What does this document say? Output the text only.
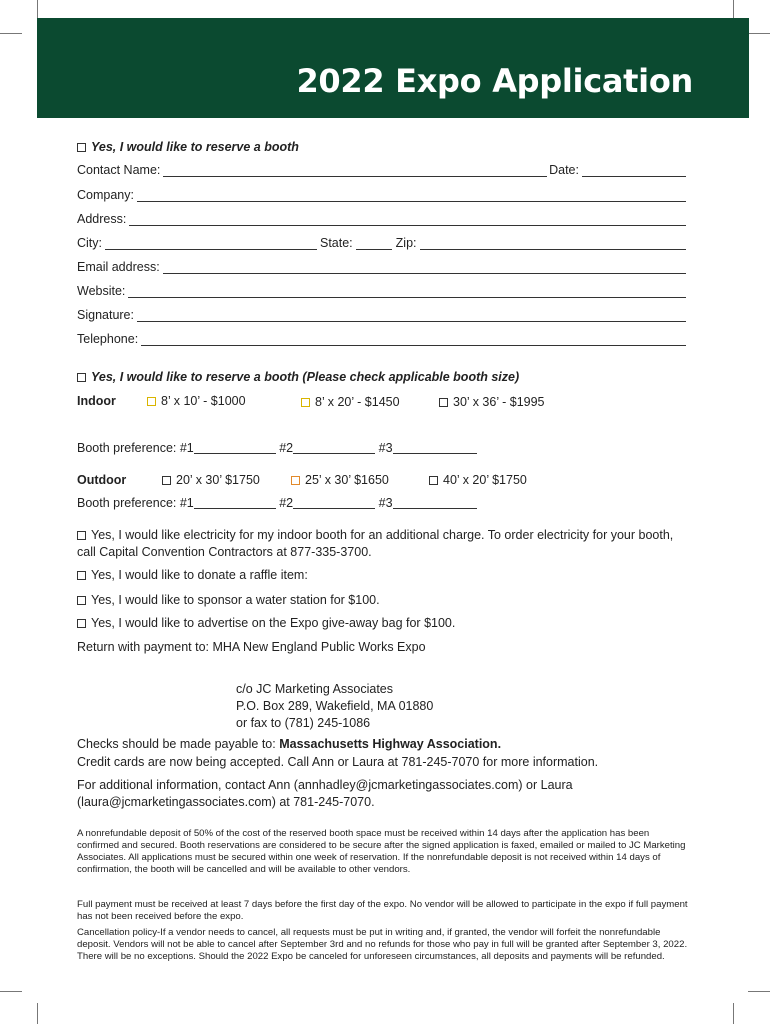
2022 Expo Application
Yes, I would like to reserve a booth
Contact Name:	Date:
Company:
Address:
City:	State:	Zip:
Email address:
Website:
Signature:
Telephone:
Yes, I would like to reserve a booth (Please check applicable booth size)
Indoor	8’ x 10’ - $1000	8’ x 20’ - $1450	30’ x 36’ - $1995
Booth preference: #1	#2	#3
Outdoor	20’ x 30’ $1750	25’ x 30’ $1650	40’ x 20’ $1750
Booth preference: #1	#2	#3
Yes, I would like electricity for my indoor booth for an additional charge. To order electricity for your booth, call Capital Convention Contractors at 877-335-3700.
Yes, I would like to donate a raffle item:
Yes, I would like to sponsor a water station for $100.
Yes, I would like to advertise on the Expo give-away bag for $100.
Return with payment to: MHA New England Public Works Expo
c/o JC Marketing Associates
P.O. Box 289, Wakefield, MA 01880
or fax to (781) 245-1086
Checks should be made payable to: Massachusetts Highway Association.
Credit cards are now being accepted. Call Ann or Laura at 781-245-7070 for more information.
For additional information, contact Ann (annhadley@jcmarketingassociates.com) or Laura (laura@jcmarketingassociates.com) at 781-245-7070.
A nonrefundable deposit of 50% of the cost of the reserved booth space must be received within 14 days after the application has been confirmed and secured. Booth reservations are considered to be secure after the signed application is faxed, emailed or mailed to JC Marketing Associates. All applications must be secured within one week of reservation. If the nonrefundable deposit is not received within 14 days of confirmation, the booth will be cancelled and will be available to other vendors.
Full payment must be received at least 7 days before the first day of the expo. No vendor will be allowed to participate in the expo if full payment has not been received before the expo.
Cancellation policy-If a vendor needs to cancel, all requests must be put in writing and, if granted, the vendor will forfeit the nonrefundable deposit. Vendors will not be able to cancel after September 3rd and no refunds for those who pay in full will be granted after September 3, 2022. There will be no exceptions. Should the 2022 Expo be canceled for unforeseen circumstances, all deposits and payments will be refunded.
